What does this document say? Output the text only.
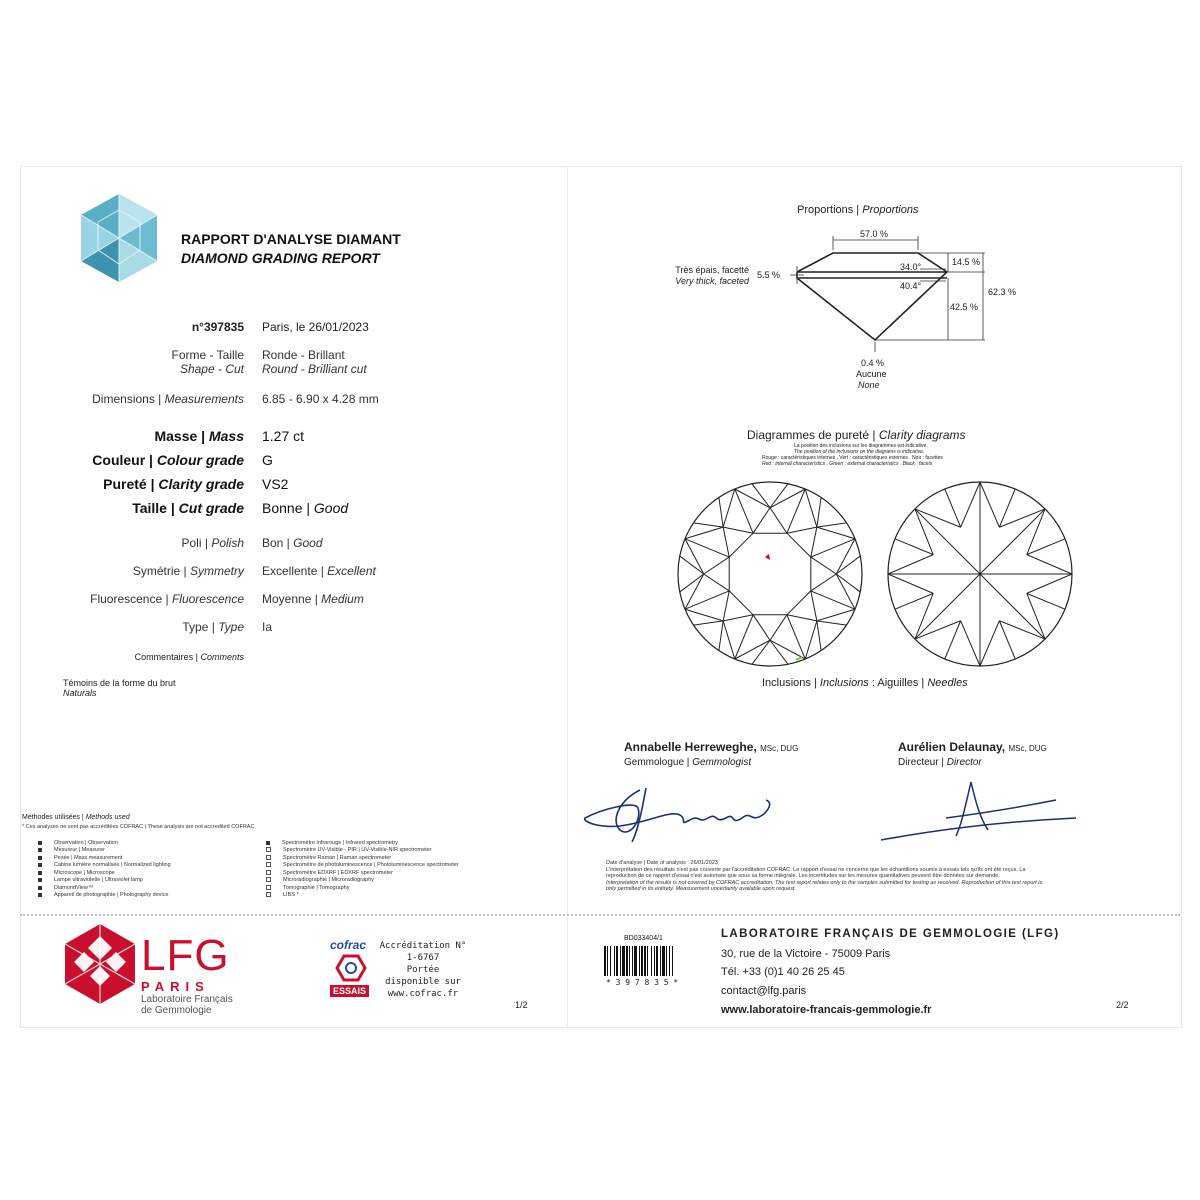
RAPPORT D'ANALYSE DIAMANT
DIAMOND GRADING REPORT
n°397835 Paris, le 26/01/2023
Forme - Taille
Shape - Cut
Ronde - Brillant
Round - Brilliant cut
Dimensions | Measurements 6.85 - 6.90 x 4.28 mm
Masse | Mass 1.27 ct
Couleur | Colour grade G
Pureté | Clarity grade VS2
Taille | Cut grade Bonne | Good
Poli | Polish Bon | Good
Symétrie | Symmetry Excellente | Excellent
Fluorescence | Fluorescence Moyenne | Medium
Type | Type Ia
Commentaires | Comments
Témoins de la forme du brut
Naturals
Méthodes utilisées | Methods used
* Ces analyses ne sont pas accréditées COFRAC | These analysis are not accredited COFRAC
Observation | Observation
Mesureur | Measurer
Pesée | Mass measurement
Cabine lumière normalisée | Normalized lighting
Microscope | Microscope
Lampe ultraviolette | Ultraviolet lamp
DiamondView™
Appareil de photographie | Photography device
Spectromètre infrarouge | Infrared spectrometry
Spectromètre UV-Visible - PIR | UV-Visible-NIR spectrometer
Spectromètre Raman | Raman spectrometer
Spectromètre de photoluminescence | Photoluminescence spectrometer
Spectromètre EDXRF | EDXRF spectrometer
Microradiographie | Microradiography
Tomographie | Tomography
LIBS *
LFG
PARIS
Laboratoire Français
de Gemmologie
cofrac
ESSAIS
Accréditation N°
1-6767
Portée
disponible sur
www.cofrac.fr
1/2
Proportions | Proportions
57.0 %
34.0°
40.4°
14.5 %
42.5 %
62.3 %
5.5 %
Très épais, facetté
Very thick, faceted
0.4 %
Aucune
None
Diagrammes de pureté | Clarity diagrams
La position des inclusions sur les diagrammes est indicative.
The position of the inclusions on the diagrams is indicative.
Rouge : caractéristiques internes . Vert : caractéristiques externes . Noir : facettes
Red : internal characteristics . Green : external characteristics . Black : facets
Inclusions | Inclusions : Aiguilles | Needles
Annabelle Herreweghe, MSc, DUG
Gemmologue | Gemmologist
Aurélien Delaunay, MSc, DUG
Directeur | Director
Date d'analyse | Date of analysis : 26/01/2023
L'interprétation des résultats n'est pas couverte par l'accréditation COFRAC. Le rapport d'essai ne concerne que les échantillons soumis à essais tels qu'ils ont été reçus. La
reproduction de ce rapport d'essai n'est autorisée que sous sa forme intégrale. Les incertitudes sur les mesures quantitatives peuvent être données sur demande.
Interpretation of the results is not covered by COFRAC accreditation. The test report relates only to the samples submitted for testing as received. Reproduction of this test report is
only permitted in its entirety. Measurement uncertainty available upon request.
BD033404/1
* 3 9 7 8 3 5 *
LABORATOIRE FRANÇAIS DE GEMMOLOGIE (LFG)
30, rue de la Victoire - 75009 Paris
Tél. +33 (0)1 40 26 25 45
contact@lfg.paris
www.laboratoire-francais-gemmologie.fr	2/2
